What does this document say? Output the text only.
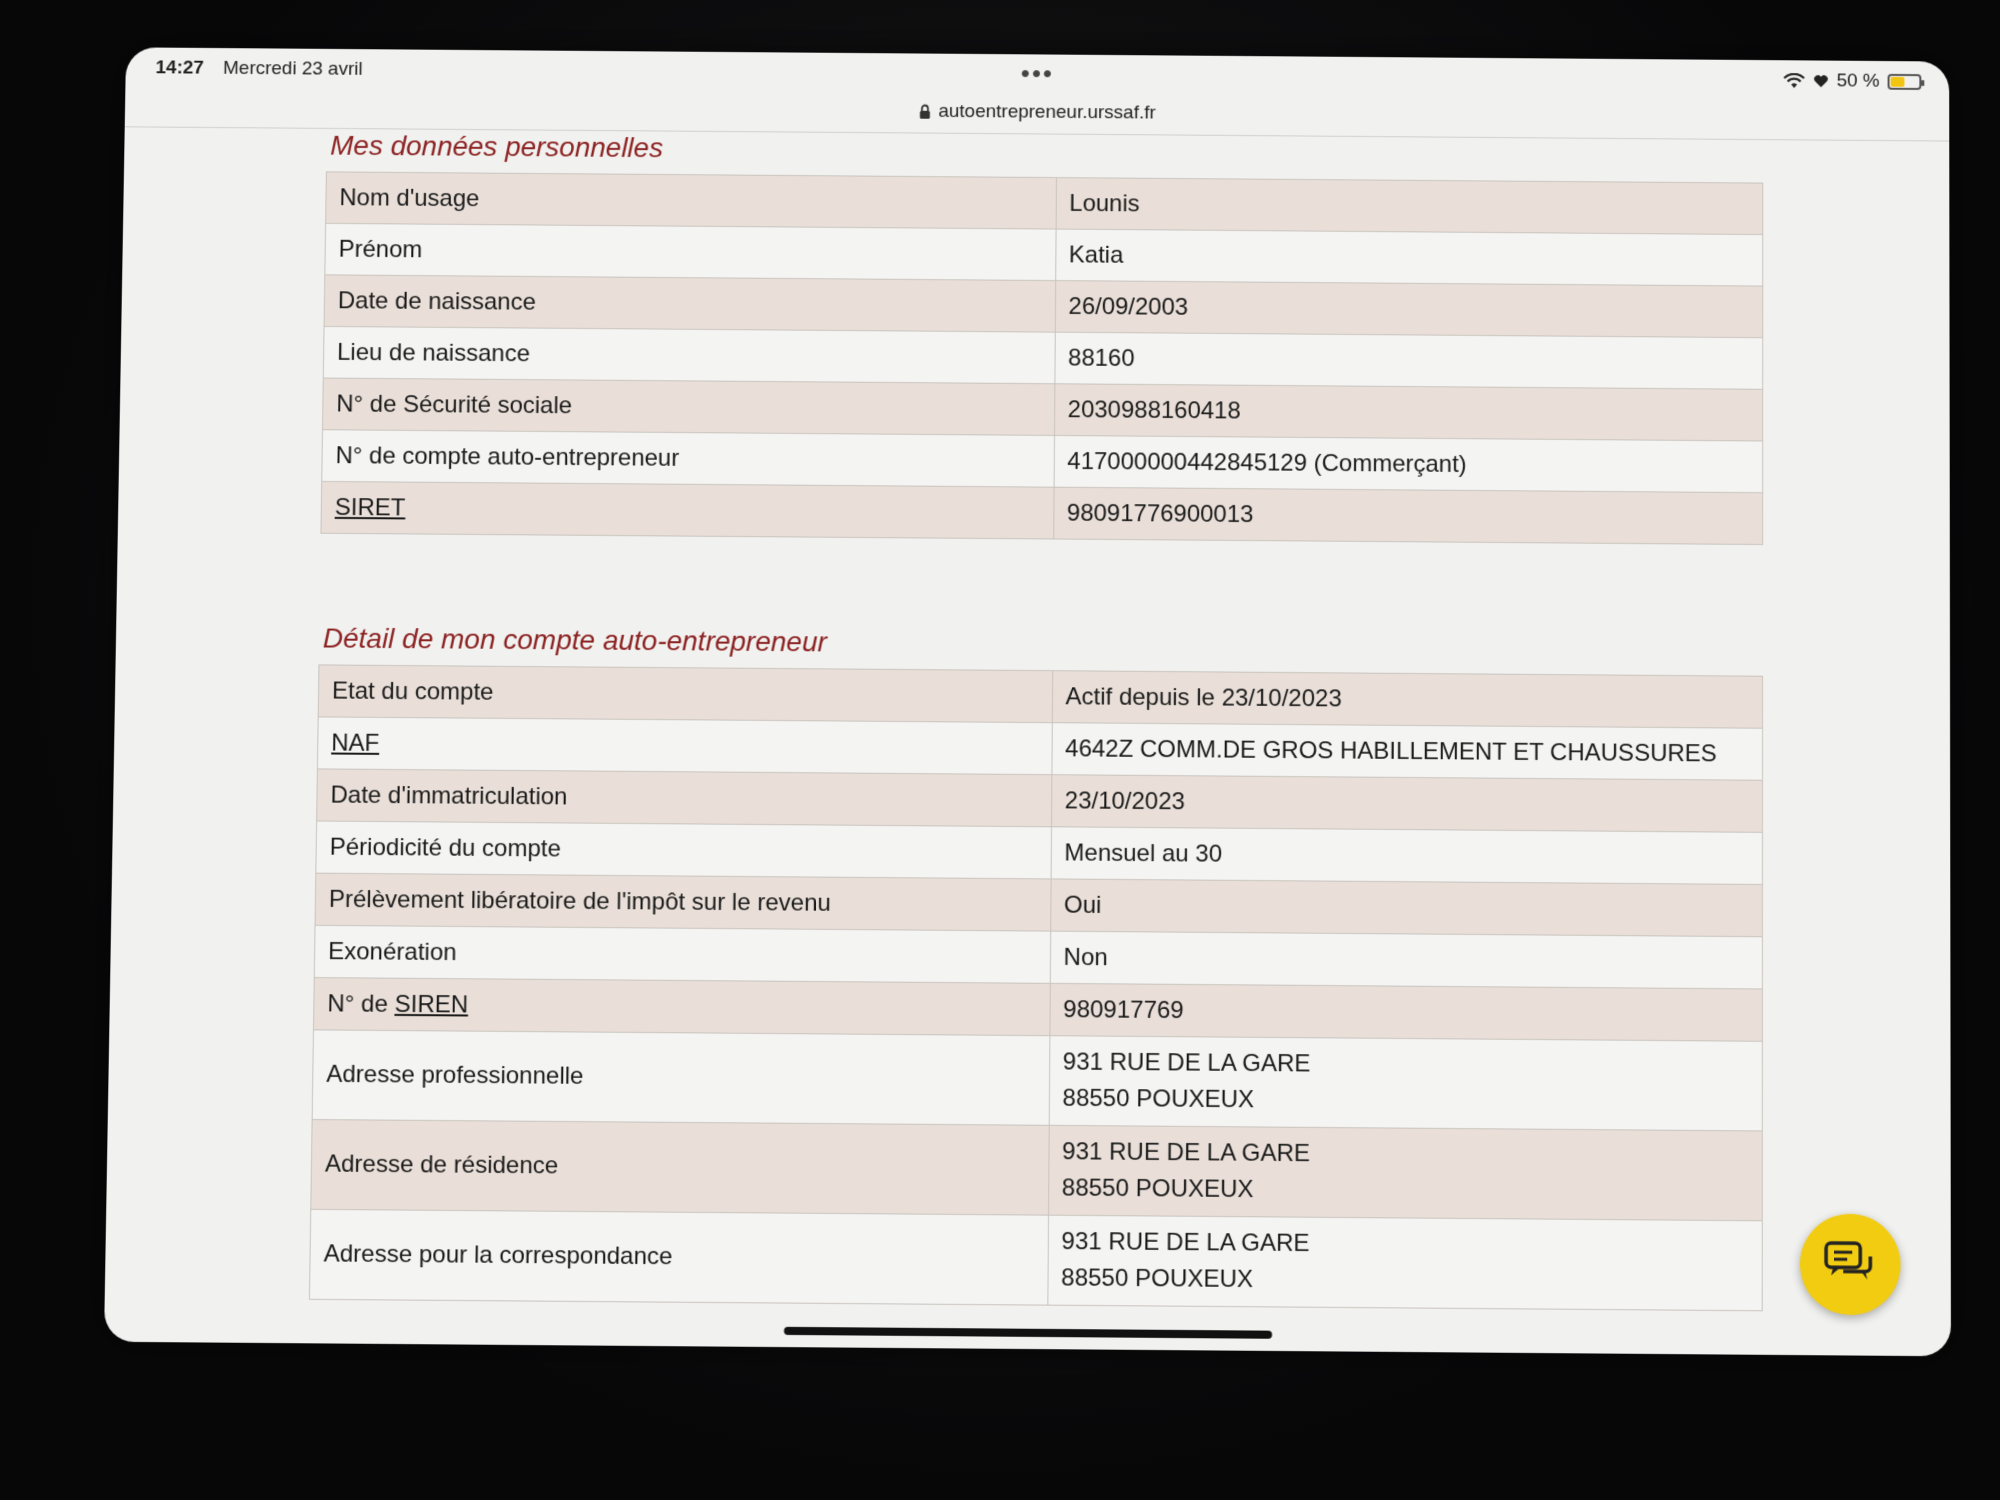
14:27 Mercredi 23 avril
50 %
•••
autoentrepreneur.urssaf.fr
Mes données personnelles
Nom d'usage	Lounis
Prénom	Katia
Date de naissance	26/09/2003
Lieu de naissance	88160
N° de Sécurité sociale	2030988160418
N° de compte auto-entrepreneur	417000000442845129 (Commerçant)
SIRET	98091776900013
Détail de mon compte auto-entrepreneur
Etat du compte	Actif depuis le 23/10/2023
NAF	4642Z COMM.DE GROS HABILLEMENT ET CHAUSSURES
Date d'immatriculation	23/10/2023
Périodicité du compte	Mensuel au 30
Prélèvement libératoire de l'impôt sur le revenu	Oui
Exonération	Non
N° de SIREN	980917769
Adresse professionnelle	931 RUE DE LA GARE
88550 POUXEUX

Adresse de résidence	931 RUE DE LA GARE
88550 POUXEUX

Adresse pour la correspondance	931 RUE DE LA GARE
88550 POUXEUX
